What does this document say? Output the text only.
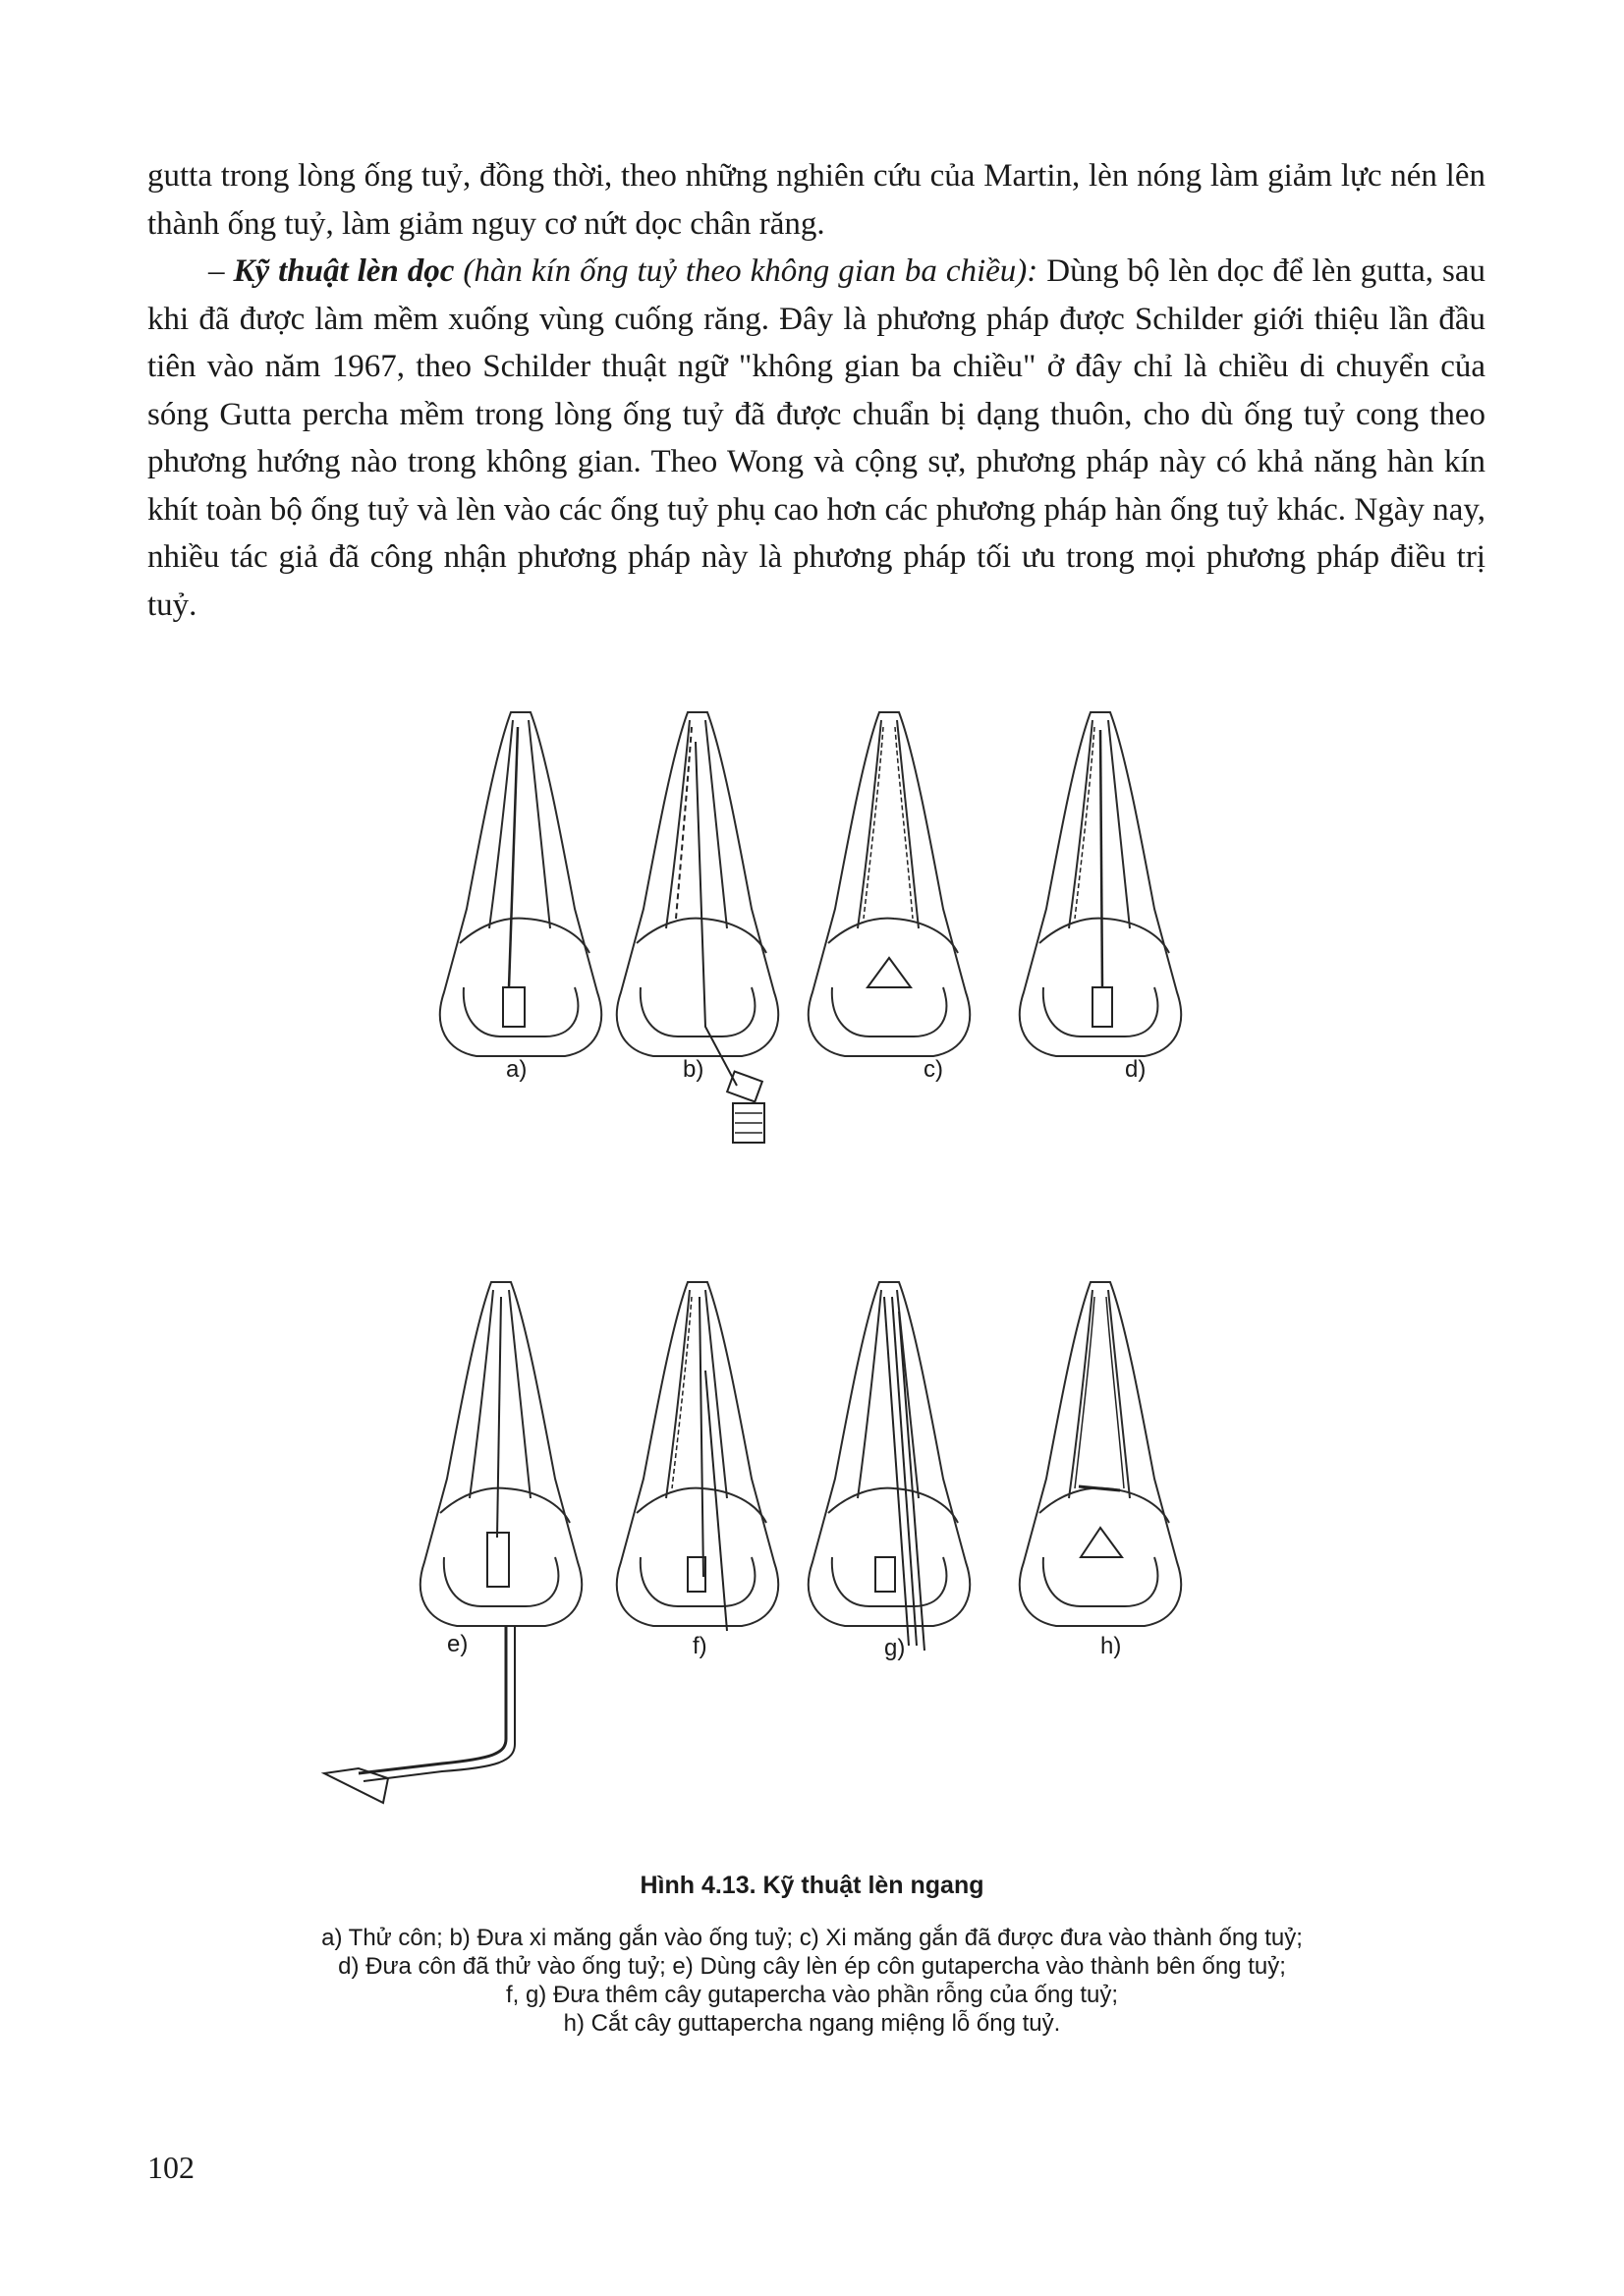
gutta trong lòng ống tuỷ, đồng thời, theo những nghiên cứu của Martin, lèn nóng làm giảm lực nén lên thành ống tuỷ, làm giảm nguy cơ nứt dọc chân răng.

– Kỹ thuật lèn dọc (hàn kín ống tuỷ theo không gian ba chiều): Dùng bộ lèn dọc để lèn gutta, sau khi đã được làm mềm xuống vùng cuống răng. Đây là phương pháp được Schilder giới thiệu lần đầu tiên vào năm 1967, theo Schilder thuật ngữ "không gian ba chiều" ở đây chỉ là chiều di chuyển của sóng Gutta percha mềm trong lòng ống tuỷ đã được chuẩn bị dạng thuôn, cho dù ống tuỷ cong theo phương hướng nào trong không gian. Theo Wong và cộng sự, phương pháp này có khả năng hàn kín khít toàn bộ ống tuỷ và lèn vào các ống tuỷ phụ cao hơn các phương pháp hàn ống tuỷ khác. Ngày nay, nhiều tác giả đã công nhận phương pháp này là phương pháp tối ưu trong mọi phương pháp điều trị tuỷ.

a)	b)	c)	d)
e)	f)	g)	h)
Hình 4.13. Kỹ thuật lèn ngang
a) Thử côn; b) Đưa xi măng gắn vào ống tuỷ; c) Xi măng gắn đã được đưa vào thành ống tuỷ;
d) Đưa côn đã thử vào ống tuỷ; e) Dùng cây lèn ép côn gutapercha vào thành bên ống tuỷ;
f, g) Đưa thêm cây gutapercha vào phần rỗng của ống tuỷ;
h) Cắt cây guttapercha ngang miệng lỗ ống tuỷ.
102
